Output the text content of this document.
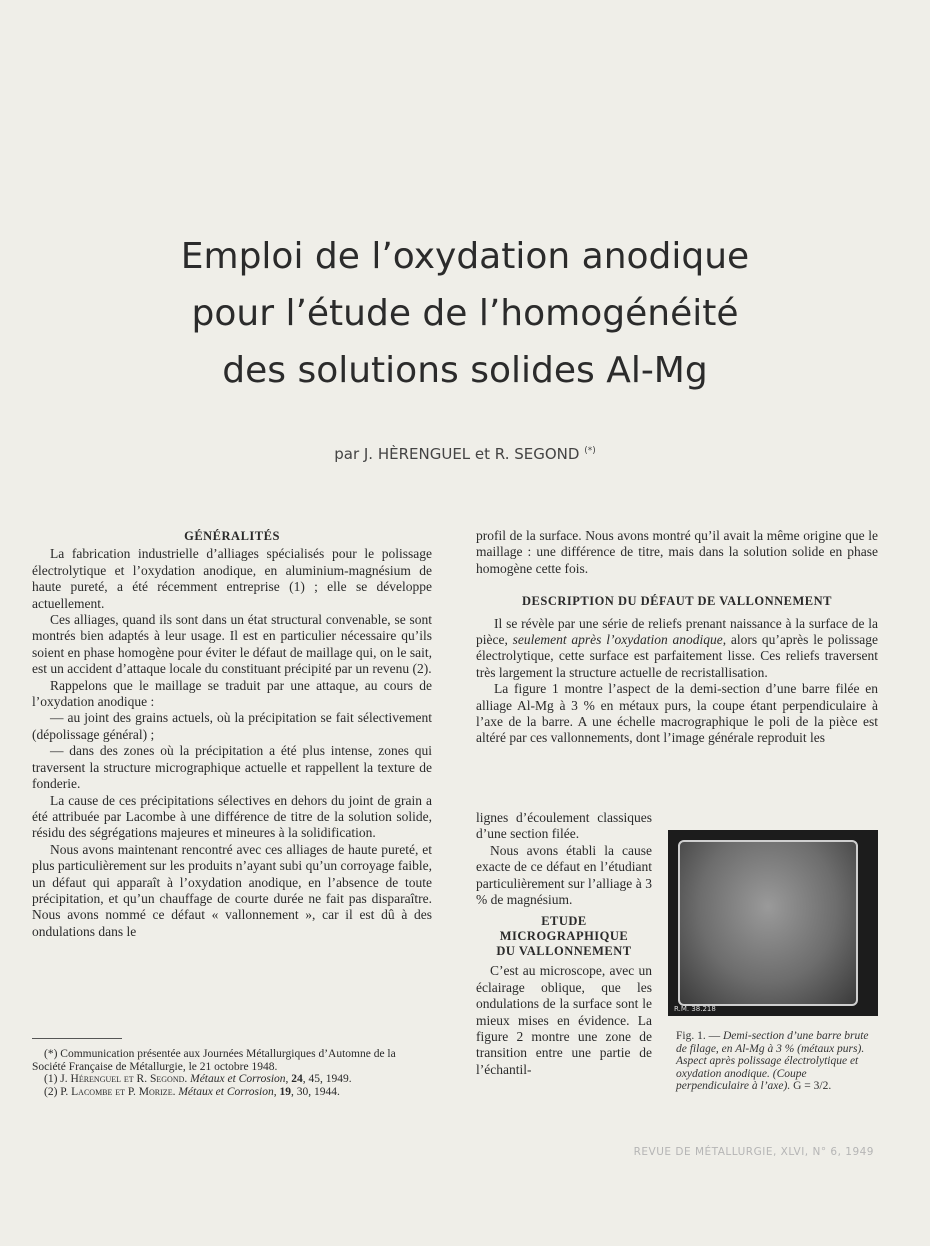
Emploi de l’oxydation anodique
pour l’étude de l’homogénéité
des solutions solides Al-Mg
par J. HÈRENGUEL et R. SEGOND (*)
GÉNÉRALITÉS

La fabrication industrielle d’alliages spécialisés pour le polissage électrolytique et l’oxydation anodique, en aluminium-magnésium de haute pureté, a été récemment entreprise (1) ; elle se développe actuellement.

Ces alliages, quand ils sont dans un état structural convenable, se sont montrés bien adaptés à leur usage. Il est en particulier nécessaire qu’ils soient en phase homogène pour éviter le défaut de maillage qui, on le sait, est un accident d’attaque locale du constituant précipité par un revenu (2).

Rappelons que le maillage se traduit par une attaque, au cours de l’oxydation anodique :

— au joint des grains actuels, où la précipitation se fait sélectivement (dépolissage général) ;

— dans des zones où la précipitation a été plus intense, zones qui traversent la structure micrographique actuelle et rappellent la texture de fonderie.

La cause de ces précipitations sélectives en dehors du joint de grain a été attribuée par Lacombe à une différence de titre de la solution solide, résidu des ségrégations majeures et mineures à la solidification.

Nous avons maintenant rencontré avec ces alliages de haute pureté, et plus particulièrement sur les produits n’ayant subi qu’un corroyage faible, un défaut qui apparaît à l’oxydation anodique, en l’absence de toute précipitation, et qu’un chauffage de courte durée ne fait pas disparaître. Nous avons nommé ce défaut « vallonnement », car il est dû à des ondulations dans le

(*) Communication présentée aux Journées Métallurgiques d’Automne de la Société Française de Métallurgie, le 21 octobre 1948.

(1) J. Hérenguel et R. Segond. Métaux et Corrosion, 24, 45, 1949.

(2) P. Lacombe et P. Morize. Métaux et Corrosion, 19, 30, 1944.

profil de la surface. Nous avons montré qu’il avait la même origine que le maillage : une différence de titre, mais dans la solution solide en phase homogène cette fois.

DESCRIPTION DU DÉFAUT DE VALLONNEMENT

Il se révèle par une série de reliefs prenant naissance à la surface de la pièce, seulement après l’oxydation anodique, alors qu’après le polissage électrolytique, cette surface est parfaitement lisse. Ces reliefs traversent très largement la structure actuelle de recristallisation.

La figure 1 montre l’aspect de la demi-section d’une barre filée en alliage Al-Mg à 3 % en métaux purs, la coupe étant perpendiculaire à l’axe de la barre. A une échelle macrographique le poli de la pièce est altéré par ces vallonnements, dont l’image générale reproduit les

lignes d’écoulement classiques d’une section filée.

Nous avons établi la cause exacte de ce défaut en l’étudiant particulièrement sur l’alliage à 3 % de magnésium.

ETUDE
MICROGRAPHIQUE
DU VALLONNEMENT

C’est au microscope, avec un éclairage oblique, que les ondulations de la surface sont le mieux mises en évidence. La figure 2 montre une zone de transition entre une partie de l’échantil-

R.M. 38.218
Fig. 1. — Demi-section d’une barre brute de filage, en Al-Mg à 3 % (métaux purs). Aspect après polissage électrolytique et oxydation anodique. (Coupe perpendiculaire à l’axe). G = 3/2.
REVUE DE MÉTALLURGIE, XLVI, N° 6, 1949
